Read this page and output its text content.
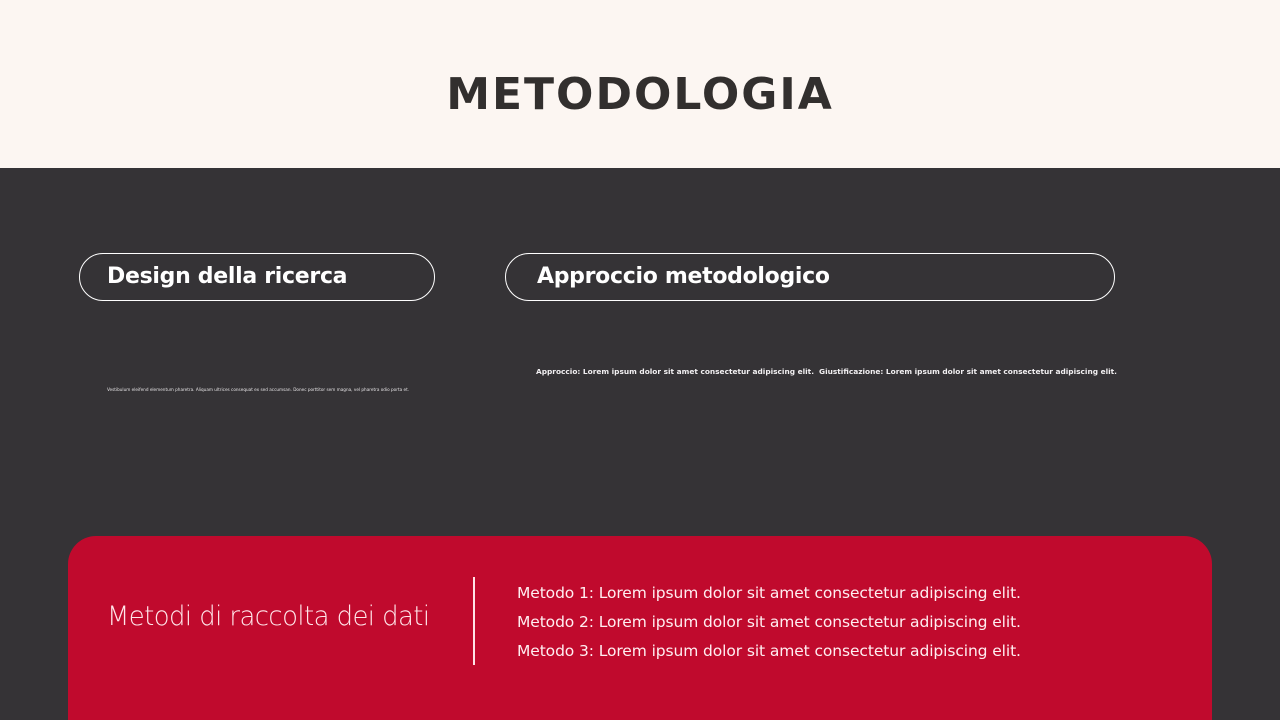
METODOLOGIA
Design della ricerca	Approccio metodologico

Vestibulum eleifend elementum pharetra. Aliquam ultrices consequat ex sed accumsan. Donec porttitor sem magna, vel pharetra odio porta et.

Approccio: Lorem ipsum dolor sit amet consectetur adipiscing elit. Giustificazione: Lorem ipsum dolor sit amet consectetur adipiscing elit.

Metodi di raccolta dei dati
Metodo 1: Lorem ipsum dolor sit amet consectetur adipiscing elit.
Metodo 2: Lorem ipsum dolor sit amet consectetur adipiscing elit.
Metodo 3: Lorem ipsum dolor sit amet consectetur adipiscing elit.
